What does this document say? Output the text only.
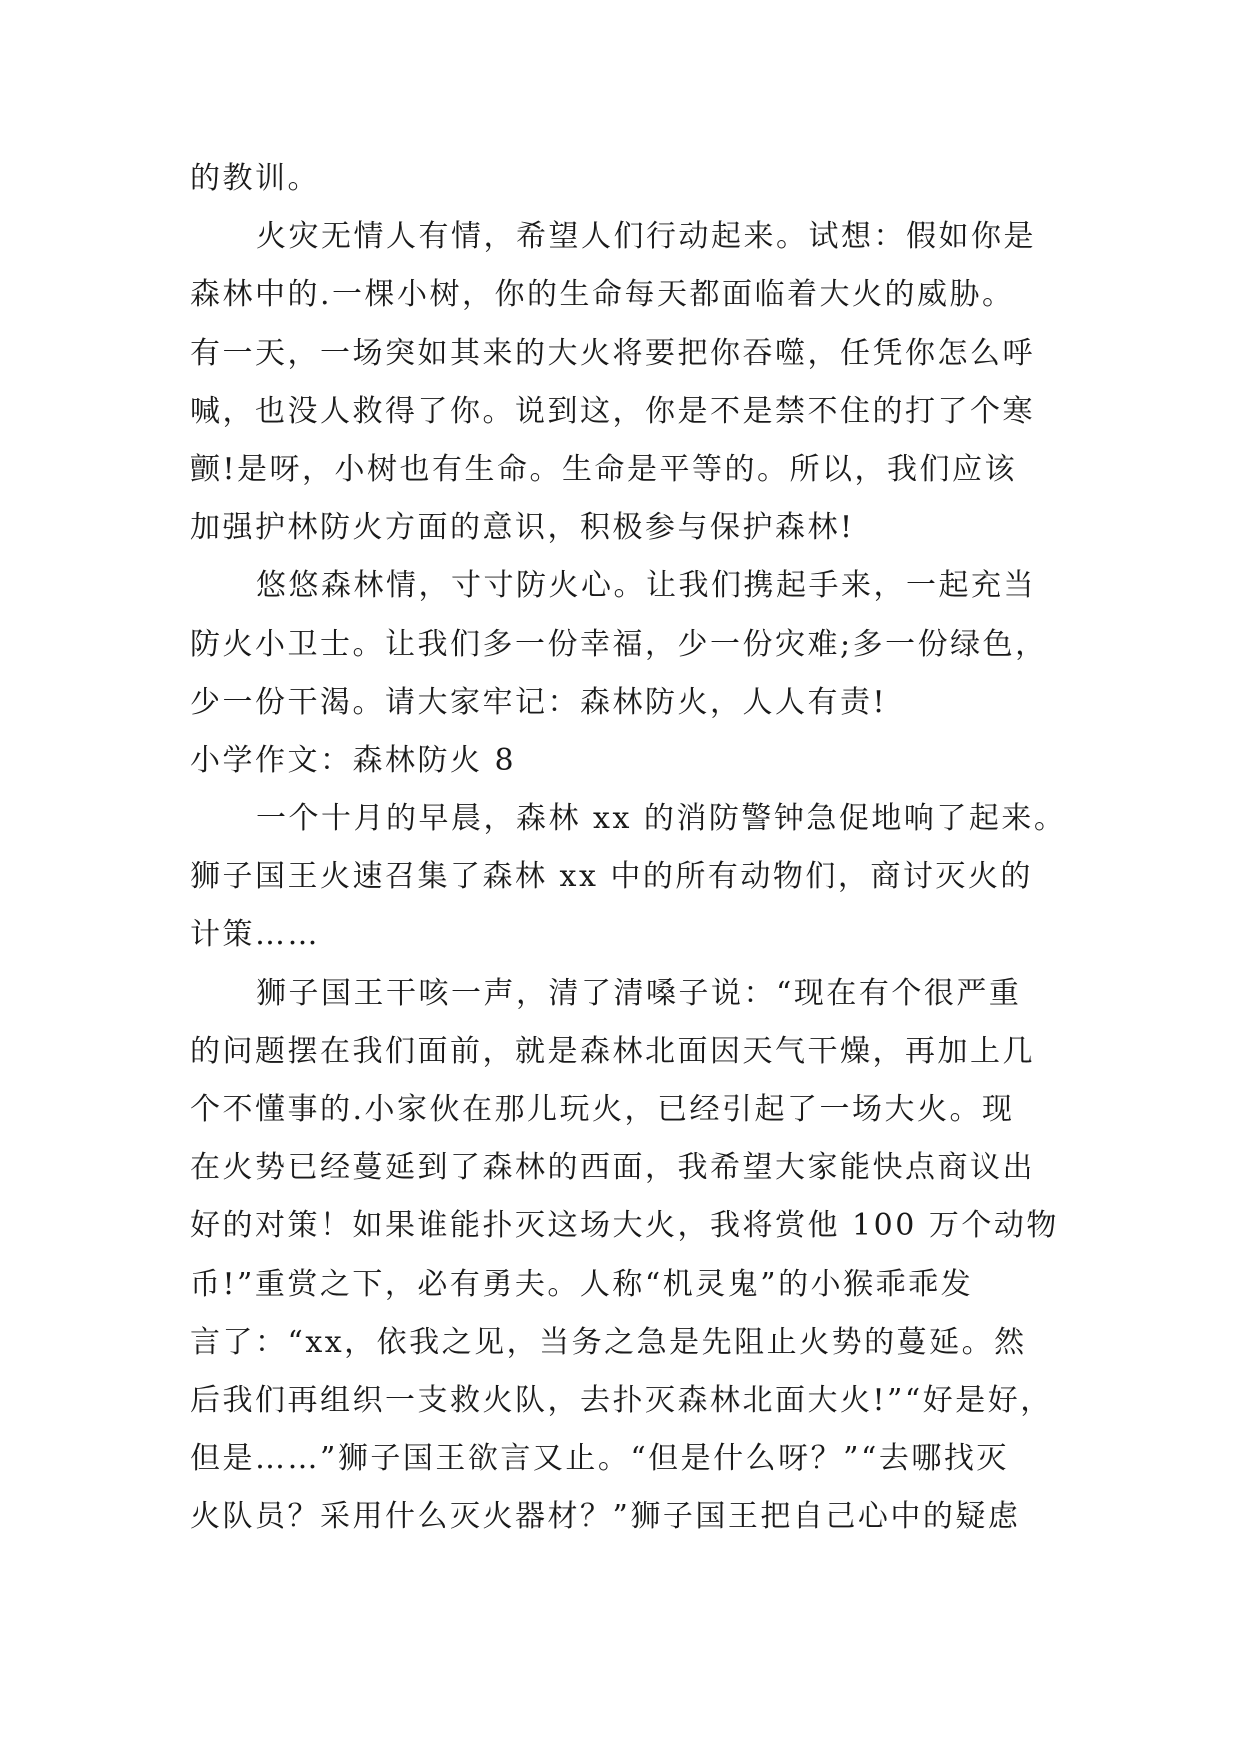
的教训。
火灾无情人有情，希望人们行动起来。试想：假如你是
森林中的.一棵小树，你的生命每天都面临着大火的威胁。
有一天，一场突如其来的大火将要把你吞噬，任凭你怎么呼
喊，也没人救得了你。说到这，你是不是禁不住的打了个寒
颤!是呀，小树也有生命。生命是平等的。所以，我们应该
加强护林防火方面的意识，积极参与保护森林!
悠悠森林情，寸寸防火心。让我们携起手来，一起充当
防火小卫士。让我们多一份幸福，少一份灾难;多一份绿色，
少一份干渴。请大家牢记：森林防火，人人有责!
小学作文：森林防火 8
一个十月的早晨，森林 xx 的消防警钟急促地响了起来。
狮子国王火速召集了森林 xx 中的所有动物们，商讨灭火的
计策……
狮子国王干咳一声，清了清嗓子说：“现在有个很严重
的问题摆在我们面前，就是森林北面因天气干燥，再加上几
个不懂事的.小家伙在那儿玩火，已经引起了一场大火。现
在火势已经蔓延到了森林的西面，我希望大家能快点商议出
好的对策！如果谁能扑灭这场大火，我将赏他 100 万个动物
币!”重赏之下，必有勇夫。人称“机灵鬼”的小猴乖乖发
言了：“xx，依我之见，当务之急是先阻止火势的蔓延。然
后我们再组织一支救火队，去扑灭森林北面大火!”“好是好，
但是……”狮子国王欲言又止。“但是什么呀？”“去哪找灭
火队员？采用什么灭火器材？”狮子国王把自己心中的疑虑
